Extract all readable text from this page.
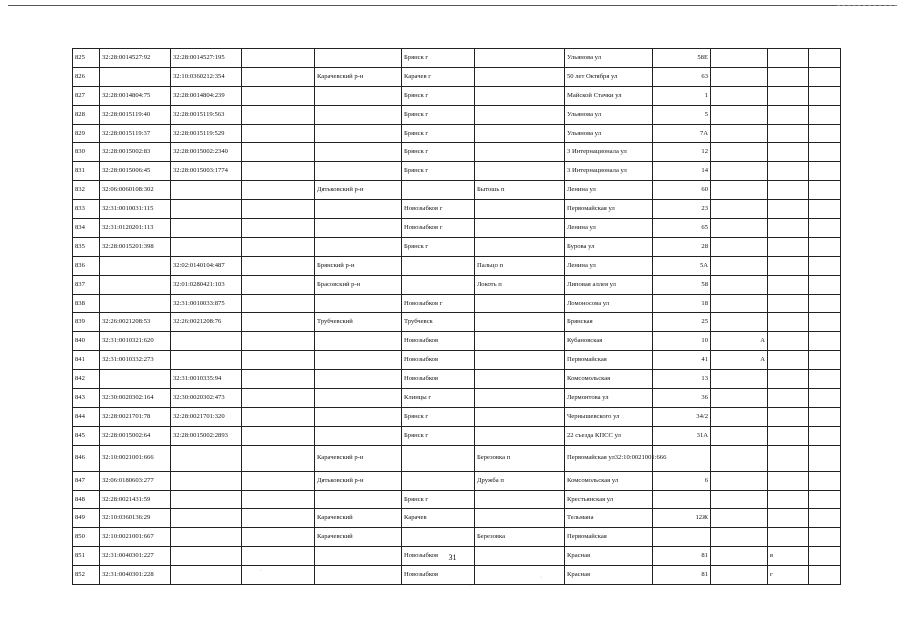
825	32:28:0014527:92	32:28:0014527:195			Брянск г		Ульянова ул	58Е			
826		32:10:0360212:354		Карачевский р-н	Карачев г		50 лет Октября ул	63			
827	32:28:0014804:75	32:28:0014804:239			Брянск г		Майской Стачки ул	1			
828	32:28:0015119:40	32:28:0015119:563			Брянск г		Ульянова ул	5			
829	32:28:0015119:37	32:28:0015119:529			Брянск г		Ульянова ул	7А			
830	32:28:0015002:83	32:28:0015002:2340			Брянск г		3 Интернационала ул	12			
831	32:28:0015006:45	32:28:0015003:1774			Брянск г		3 Интернационала ул	14			
832	32:06:0060108:302			Дятьковский р-н		Бытошь п	Ленина ул	60			
833	32:31:0010031:115				Новозыбков г		Первомайская ул	23			
834	32:31:0120201:113				Новозыбков г		Ленина ул	65			
835	32:28:0015201:398				Брянск г		Бурова ул	28			
836		32:02:0140104:487		Брянский р-н		Пальцо п	Ленина ул	5А			
837		32:01:0280421:103		Брасовский р-н		Локоть п	Липовая аллея ул	58			
838		32:31:0010033:875			Новозыбков г		Ломоносова ул	18			
839	32:26:0021208:53	32:26:0021208:76		Трубчевский	Трубчевск		Брянская	25			
840	32:31:0010321:620				Новозыбков		Кубановская	10	А		
841	32:31:0010332:273				Новозыбков		Первомайская	41	А		
842		32:31:0010335:94			Новозыбков		Комсомольская	13			
843	32:30:0020302:164	32:30:0020302:473			Клинцы г		Лермонтова ул	36			
844	32:28:0021701:78	32:28:0021701:320			Брянск г		Чернышевского ул	34/2			
845	32:28:0015002:64	32:28:0015002:2893			Брянск г		22 съезда КПСС ул	31А			
846	32:10:0021001:666			Карачевский р-н		Березовка п	Первомайская ул32:10:0021001:666				
847	32:06:0180603:277			Дятьковский р-н		Дружба п	Комсомольская ул	6			
848	32:28:0021431:59				Брянск г		Крестьянская ул				
849	32:10:0360136:29			Карачевский	Карачев		Тельмана	12Ж			
850	32:10:0021001:667			Карачевский		Березовка	Первомайская				
851	32:31:0040301:227				Новозыбков		Красная	81		в	
852	32:31:0040301:228				Новозыбков		Красная	81		г	
31
·
·
·
